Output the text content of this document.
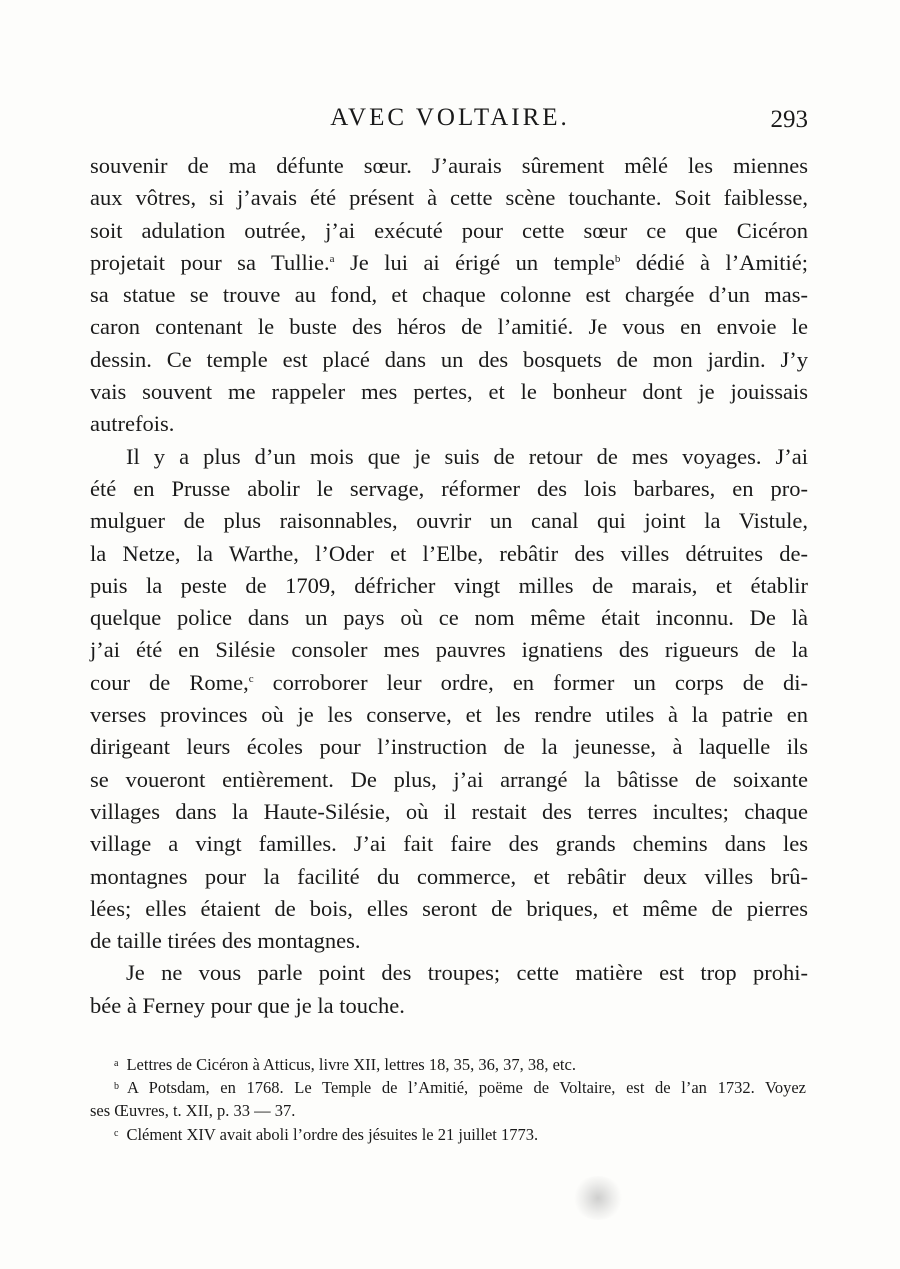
AVEC VOLTAIRE.	293
souvenir de ma défunte sœur. J’aurais sûrement mêlé les miennes
aux vôtres, si j’avais été présent à cette scène touchante. Soit faiblesse,
soit adulation outrée, j’ai exécuté pour cette sœur ce que Cicéron
projetait pour sa Tullie.$^a$ Je lui ai érigé un temple$^b$ dédié à l’Amitié;
sa statue se trouve au fond, et chaque colonne est chargée d’un mas-
caron contenant le buste des héros de l’amitié. Je vous en envoie le
dessin. Ce temple est placé dans un des bosquets de mon jardin. J’y
vais souvent me rappeler mes pertes, et le bonheur dont je jouissais
autrefois.
Il y a plus d’un mois que je suis de retour de mes voyages. J’ai
été en Prusse abolir le servage, réformer des lois barbares, en pro-
mulguer de plus raisonnables, ouvrir un canal qui joint la Vistule,
la Netze, la Warthe, l’Oder et l’Elbe, rebâtir des villes détruites de-
puis la peste de 1709, défricher vingt milles de marais, et établir
quelque police dans un pays où ce nom même était inconnu. De là
j’ai été en Silésie consoler mes pauvres ignatiens des rigueurs de la
cour de Rome,$^c$ corroborer leur ordre, en former un corps de di-
verses provinces où je les conserve, et les rendre utiles à la patrie en
dirigeant leurs écoles pour l’instruction de la jeunesse, à laquelle ils
se voueront entièrement. De plus, j’ai arrangé la bâtisse de soixante
villages dans la Haute-Silésie, où il restait des terres incultes; chaque
village a vingt familles. J’ai fait faire des grands chemins dans les
montagnes pour la facilité du commerce, et rebâtir deux villes brû-
lées; elles étaient de bois, elles seront de briques, et même de pierres
de taille tirées des montagnes.
Je ne vous parle point des troupes; cette matière est trop prohi-
bée à Ferney pour que je la touche.
$^a$ Lettres de Cicéron à Atticus, livre XII, lettres 18, 35, 36, 37, 38, etc.
$^b$ A Potsdam, en 1768. Le Temple de l’Amitié, poëme de Voltaire, est de l’an 1732. Voyez
ses Œuvres, t. XII, p. 33 — 37.
$^c$ Clément XIV avait aboli l’ordre des jésuites le 21 juillet 1773.
